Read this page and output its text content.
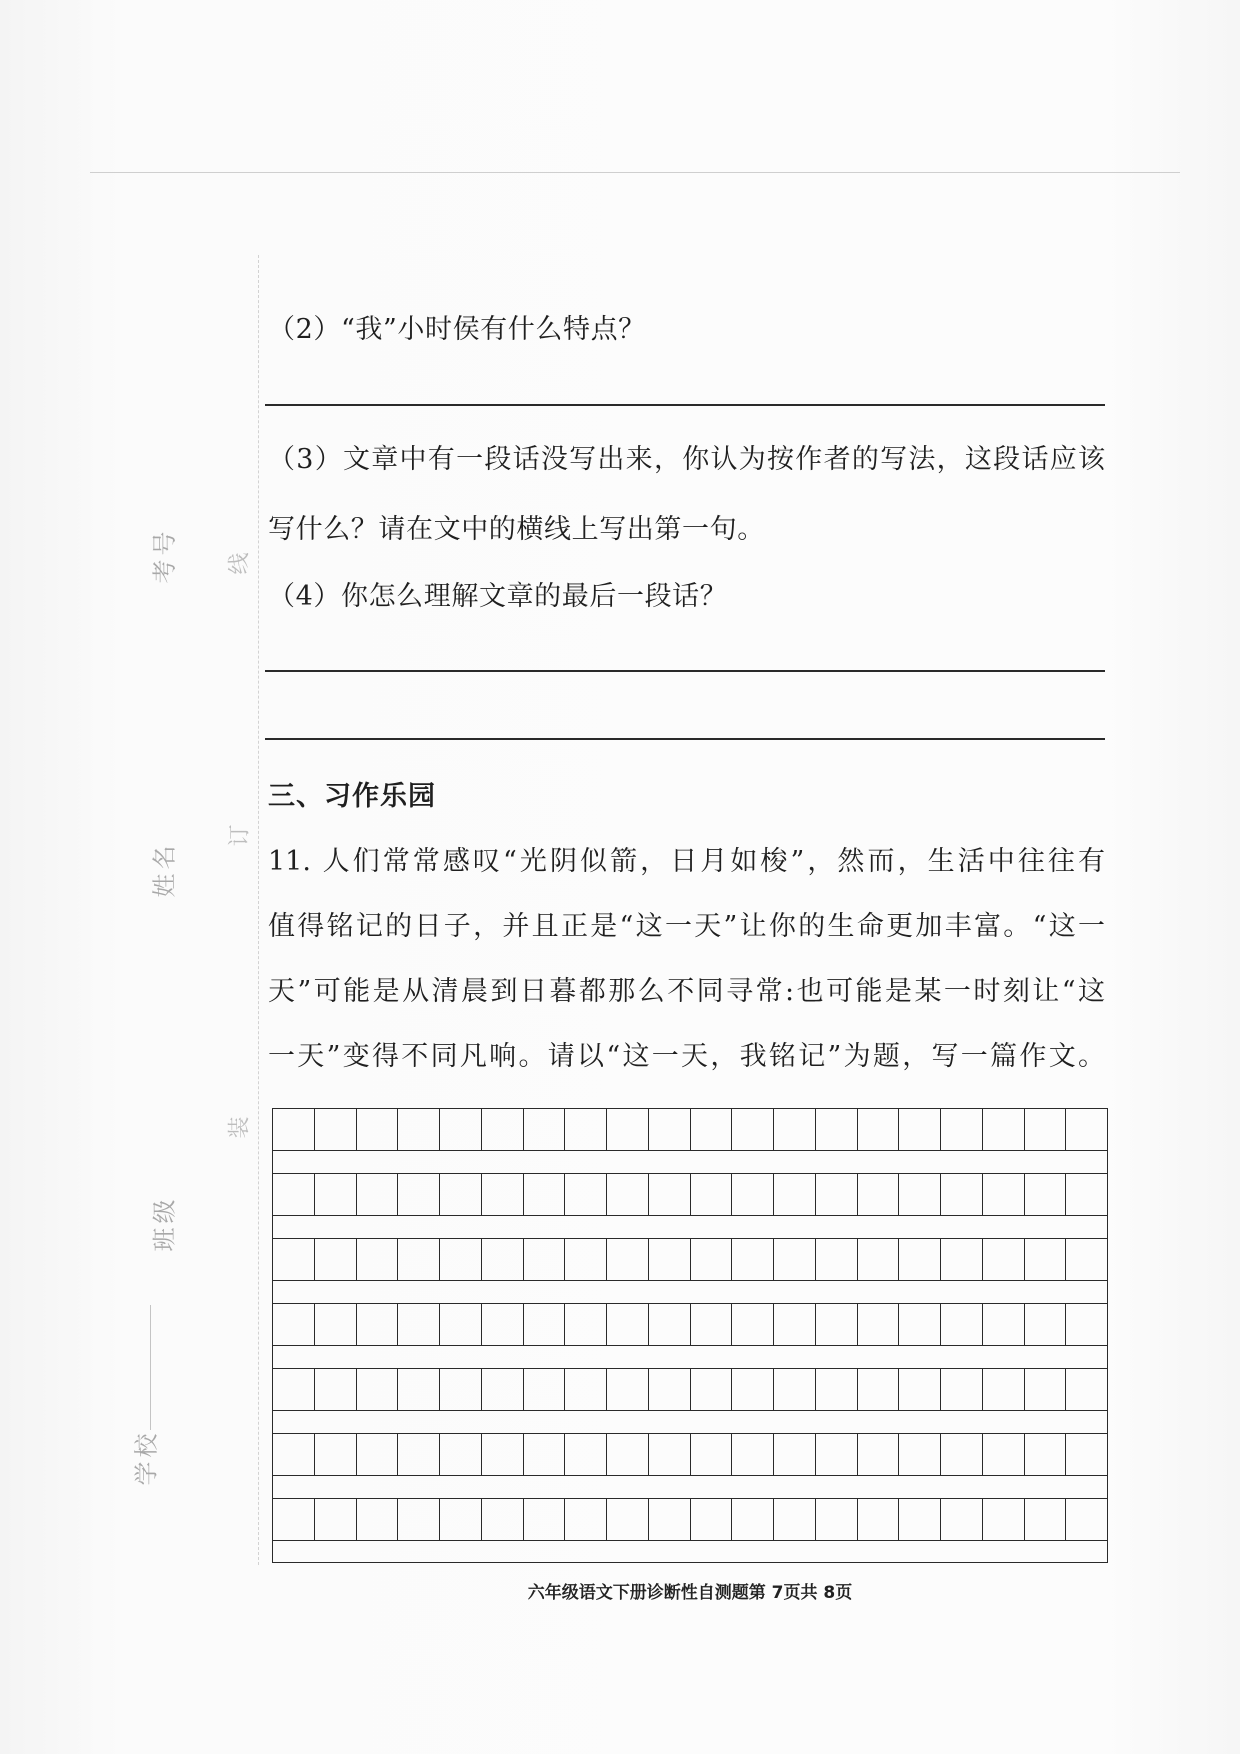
考号
姓名
班级
学校
装
订
线
（2）“我”小时侯有什么特点？
（3）文章中有一段话没写出来，你认为按作者的写法，这段话应该
写什么？请在文中的横线上写出第一句。
（4）你怎么理解文章的最后一段话？
三、习作乐园
11. 人们常常感叹“光阴似箭，日月如梭”，然而，生活中往往有
值得铭记的日子，并且正是“这一天”让你的生命更加丰富。“这一
天”可能是从清晨到日暮都那么不同寻常:也可能是某一时刻让“这
一天”变得不同凡响。请以“这一天，我铭记”为题，写一篇作文。
六年级语文下册诊断性自测题第 7页共 8页
